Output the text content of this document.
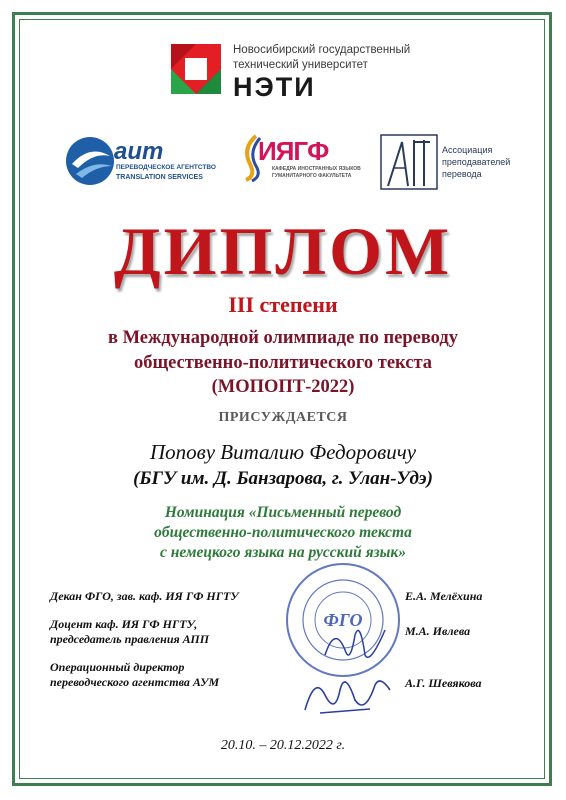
Новосибирский государственный
технический университет
НЭТИ
aum
ПЕРЕВОДЧЕСКОЕ АГЕНТСТВО
TRANSLATION SERVICES
ИЯГФ
КАФЕДРА ИНОСТРАННЫХ ЯЗЫКОВ
ГУМАНИТАРНОГО ФАКУЛЬТЕТА
Ассоциация
преподавателей
перевода
ДИПЛОМ
III степени
в Международной олимпиаде по переводу
общественно-политического текста
(МОПОПТ-2022)
ПРИСУЖДАЕТСЯ
Попову Виталию Федоровичу
(БГУ им. Д. Банзарова, г. Улан-Удэ)
Номинация «Письменный перевод
общественно-политического текста
с немецкого языка на русский язык»
ФГО
Декан ФГО, зав. каф. ИЯ ГФ НГТУ
Доцент каф. ИЯ ГФ НГТУ,
председатель правления АПП
Операционный директор
переводческого агентства АУМ
Е.А. Мелёхина
М.А. Ивлева
А.Г. Шевякова
20.10. – 20.12.2022 г.
